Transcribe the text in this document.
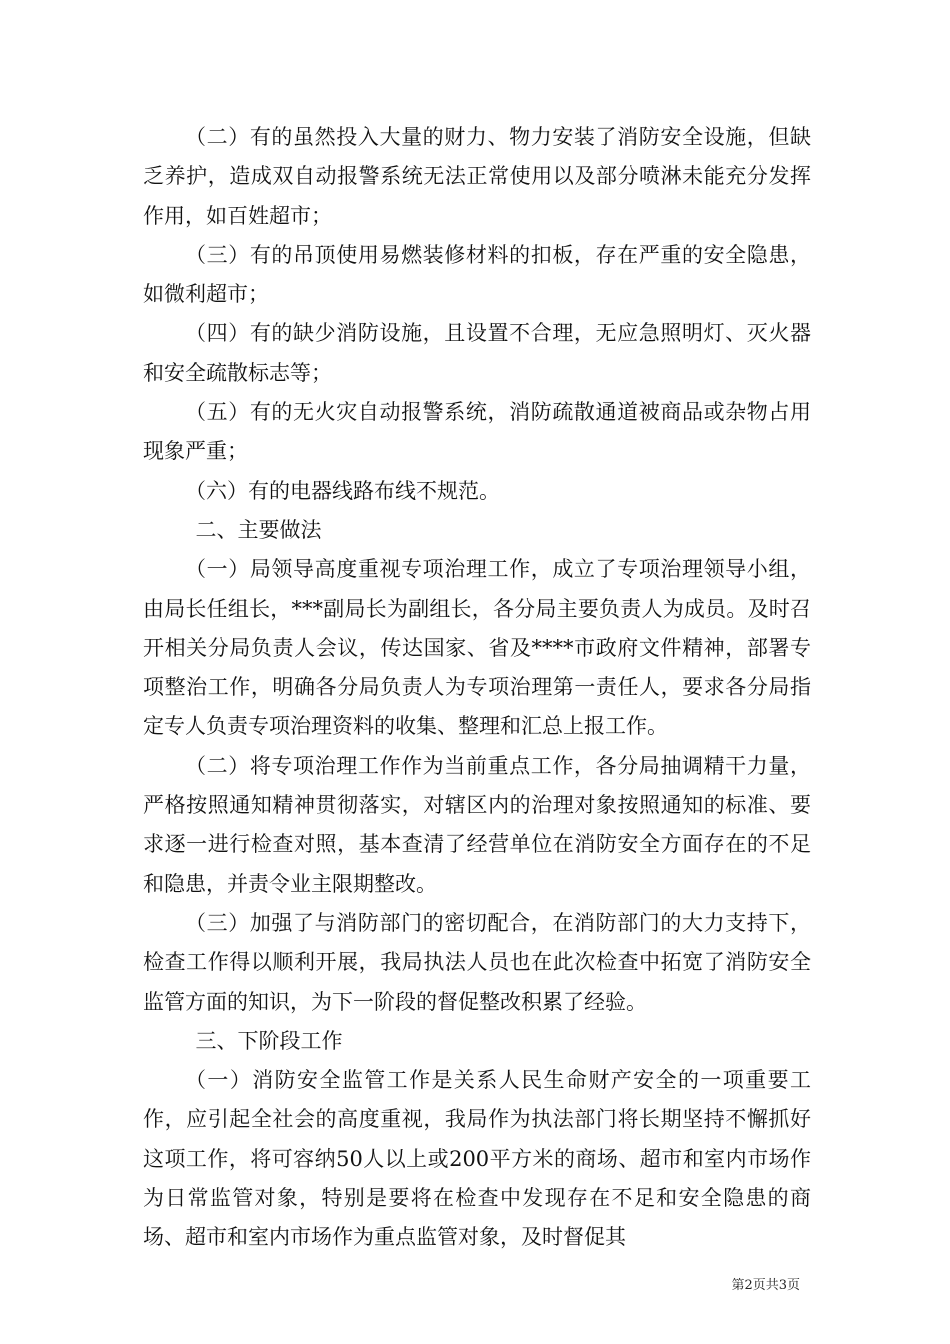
（二）有的虽然投入大量的财力、物力安装了消防安全设施，但缺乏养护，造成双自动报警系统无法正常使用以及部分喷淋未能充分发挥作用，如百姓超市；

（三）有的吊顶使用易燃装修材料的扣板，存在严重的安全隐患，如微利超市；

（四）有的缺少消防设施，且设置不合理，无应急照明灯、灭火器和安全疏散标志等；

（五）有的无火灾自动报警系统，消防疏散通道被商品或杂物占用现象严重；

（六）有的电器线路布线不规范。

二、主要做法

（一）局领导高度重视专项治理工作，成立了专项治理领导小组，由局长任组长，***副局长为副组长，各分局主要负责人为成员。及时召开相关分局负责人会议，传达国家、省及****市政府文件精神，部署专项整治工作，明确各分局负责人为专项治理第一责任人，要求各分局指定专人负责专项治理资料的收集、整理和汇总上报工作。

（二）将专项治理工作作为当前重点工作，各分局抽调精干力量，严格按照通知精神贯彻落实，对辖区内的治理对象按照通知的标准、要求逐一进行检查对照，基本查清了经营单位在消防安全方面存在的不足和隐患，并责令业主限期整改。

（三）加强了与消防部门的密切配合，在消防部门的大力支持下，检查工作得以顺利开展，我局执法人员也在此次检查中拓宽了消防安全监管方面的知识，为下一阶段的督促整改积累了经验。

三、下阶段工作

（一）消防安全监管工作是关系人民生命财产安全的一项重要工作，应引起全社会的高度重视，我局作为执法部门将长期坚持不懈抓好这项工作，将可容纳50人以上或200平方米的商场、超市和室内市场作为日常监管对象，特别是要将在检查中发现存在不足和安全隐患的商场、超市和室内市场作为重点监管对象，及时督促其

第2页共3页
